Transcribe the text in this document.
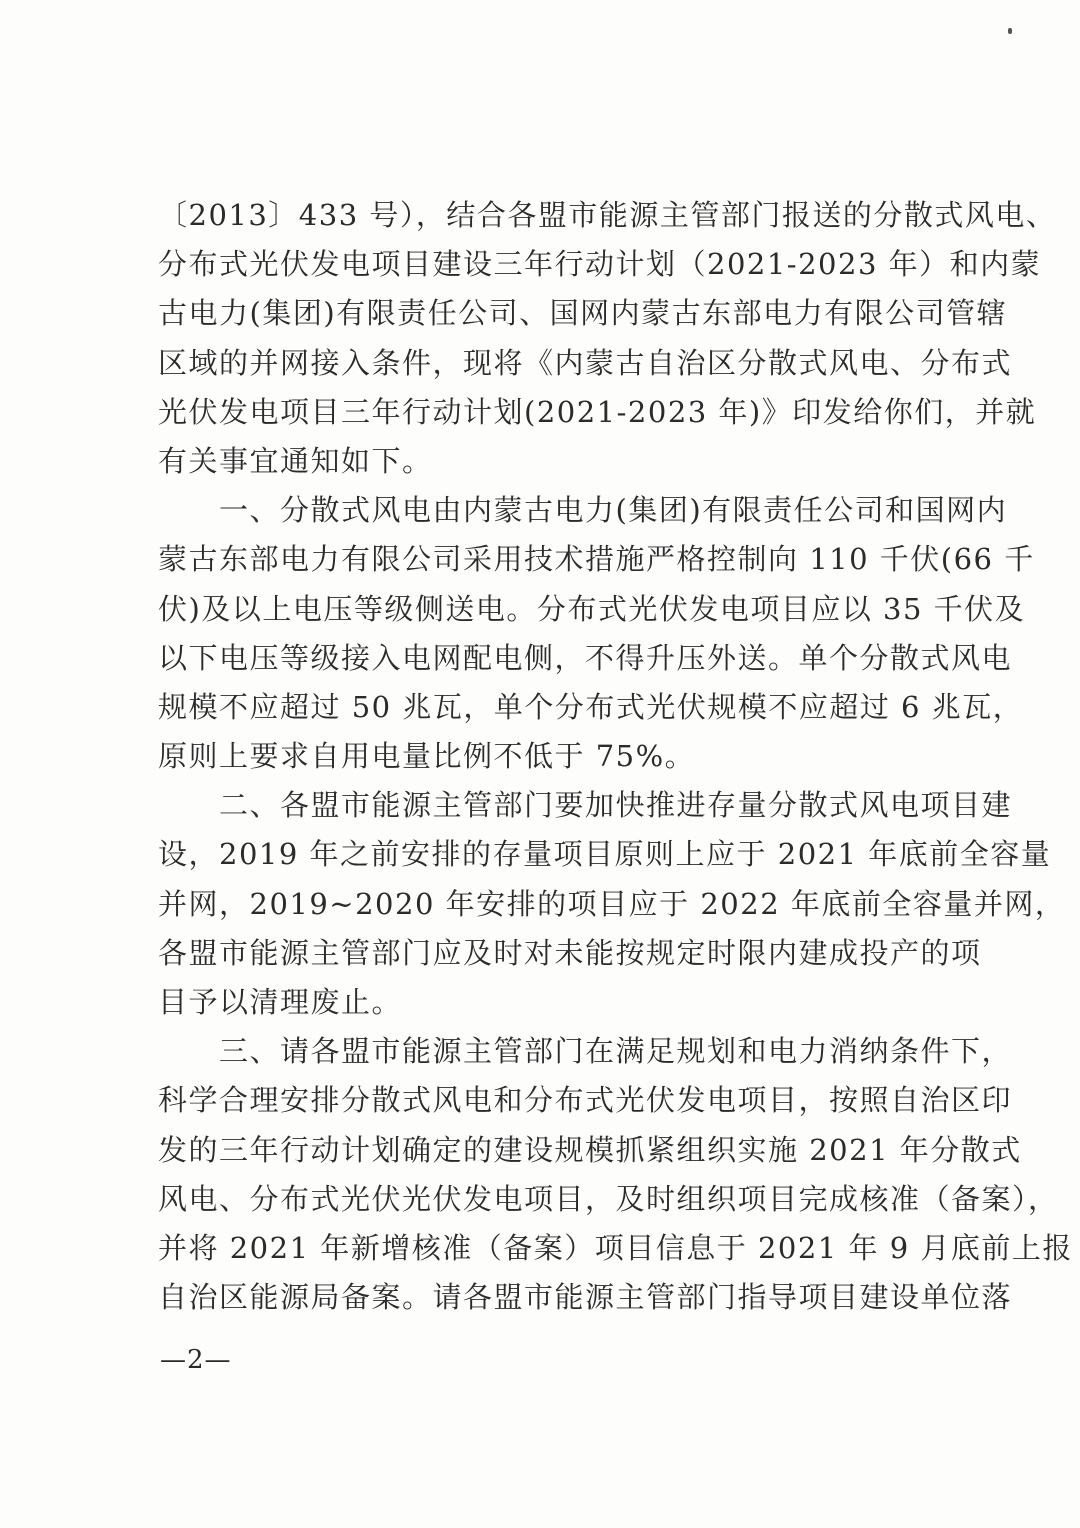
〔2013〕433 号），结合各盟市能源主管部门报送的分散式风电、
分布式光伏发电项目建设三年行动计划（2021-2023 年）和内蒙
古电力(集团)有限责任公司、国网内蒙古东部电力有限公司管辖
区域的并网接入条件，现将《内蒙古自治区分散式风电、分布式
光伏发电项目三年行动计划(2021-2023 年)》印发给你们，并就
有关事宜通知如下。
　　一、分散式风电由内蒙古电力(集团)有限责任公司和国网内
蒙古东部电力有限公司采用技术措施严格控制向 110 千伏(66 千
伏)及以上电压等级侧送电。分布式光伏发电项目应以 35 千伏及
以下电压等级接入电网配电侧，不得升压外送。单个分散式风电
规模不应超过 50 兆瓦，单个分布式光伏规模不应超过 6 兆瓦，
原则上要求自用电量比例不低于 75%。
　　二、各盟市能源主管部门要加快推进存量分散式风电项目建
设，2019 年之前安排的存量项目原则上应于 2021 年底前全容量
并网，2019~2020 年安排的项目应于 2022 年底前全容量并网，
各盟市能源主管部门应及时对未能按规定时限内建成投产的项
目予以清理废止。
　　三、请各盟市能源主管部门在满足规划和电力消纳条件下，
科学合理安排分散式风电和分布式光伏发电项目，按照自治区印
发的三年行动计划确定的建设规模抓紧组织实施 2021 年分散式
风电、分布式光伏光伏发电项目，及时组织项目完成核准（备案），
并将 2021 年新增核准（备案）项目信息于 2021 年 9 月底前上报
自治区能源局备案。请各盟市能源主管部门指导项目建设单位落
—2—
